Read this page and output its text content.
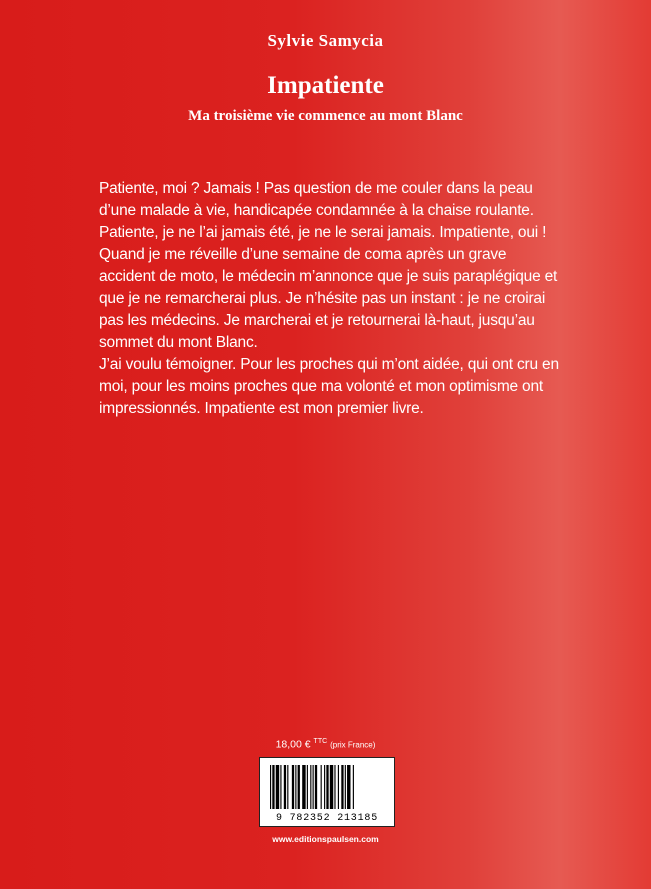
Sylvie Samycia
Impatiente
Ma troisième vie commence au mont Blanc

Patiente, moi ? Jamais ! Pas question de me couler dans la peau d’une malade à vie, handicapée condamnée à la chaise roulante. Patiente, je ne l’ai jamais été, je ne le serai jamais. Impatiente, oui ! Quand je me réveille d’une semaine de coma après un grave accident de moto, le médecin m’annonce que je suis paraplégique et que je ne remarcherai plus. Je n’hésite pas un instant : je ne croirai pas les médecins. Je marcherai et je retournerai là-haut, jusqu’au sommet du mont Blanc.

J’ai voulu témoigner. Pour les proches qui m’ont aidée, qui ont cru en moi, pour les moins proches que ma volonté et mon optimisme ont impressionnés. Impatiente est mon premier livre.

18,00 € $^{TTC}$ (prix France)
9 782352 213185
www.editionspaulsen.com
